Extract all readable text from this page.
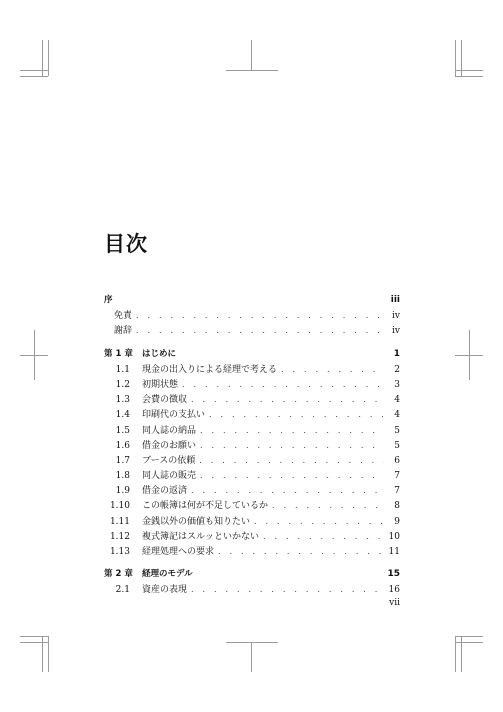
目次
序	iii
免責 . . .	iv
謝辞 . . .	iv
第 1 章	はじめに	1
1.1	現金の出入りによる経理で考える . . .	2
1.2	初期状態 . . .	3
1.3	会費の徴収 . . .	4
1.4	印刷代の支払い . . .	4
1.5	同人誌の納品 . . .	5
1.6	借金のお願い . . .	5
1.7	ブースの依頼 . . .	6
1.8	同人誌の販売 . . .	7
1.9	借金の返済 . . .	7
1.10	この帳簿は何が不足しているか . . .	8
1.11	金銭以外の価値も知りたい . . .	9
1.12	複式簿記はスルッといかない . . .	10
1.13	経理処理への要求 . . .	11
第 2 章	経理のモデル	15
2.1	資産の表現 . . .	16
vii
